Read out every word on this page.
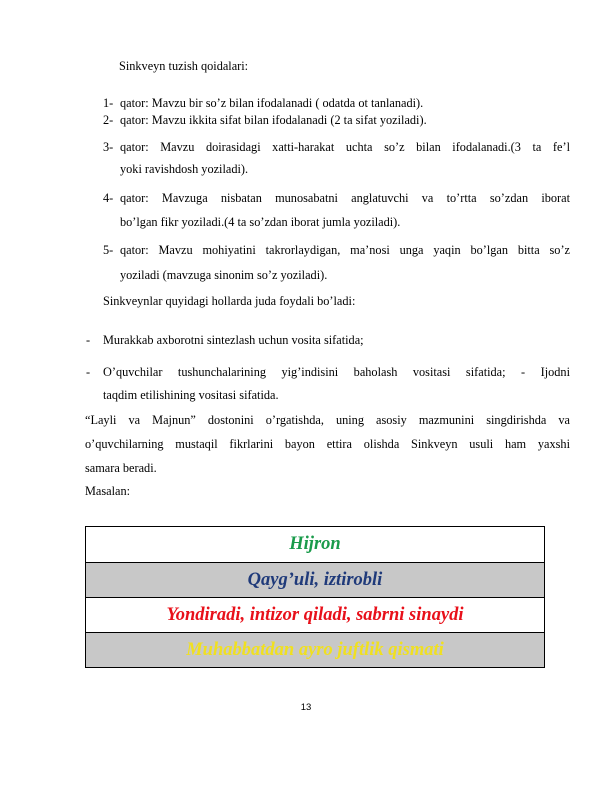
Sinkveyn tuzish qoidalari:
1- qator: Mavzu bir so’z bilan ifodalanadi ( odatda ot tanlanadi).
2- qator: Mavzu ikkita sifat bilan ifodalanadi (2 ta sifat yoziladi).
3- qator: Mavzu doirasidagi xatti-harakat uchta so’z bilan ifodalanadi.(3 ta fe’l
yoki ravishdosh yoziladi).
4- qator: Mavzuga nisbatan munosabatni anglatuvchi va to’rtta so’zdan iborat
bo’lgan fikr yoziladi.(4 ta so’zdan iborat jumla yoziladi).
5- qator: Mavzu mohiyatini takrorlaydigan, ma’nosi unga yaqin bo’lgan bitta so’z
yoziladi (mavzuga sinonim so’z yoziladi).
Sinkveynlar quyidagi hollarda juda foydali bo’ladi:
- Murakkab axborotni sintezlash uchun vosita sifatida;
- O’quvchilar tushunchalarining yig’indisini baholash vositasi sifatida; - Ijodni
taqdim etilishining vositasi sifatida.
“Layli va Majnun” dostonini o’rgatishda, uning asosiy mazmunini singdirishda va
o’quvchilarning mustaqil fikrlarini bayon ettira olishda Sinkveyn usuli ham yaxshi
samara beradi.
Masalan:
Hijron
Qayg’uli, iztirobli
Yondiradi, intizor qiladi, sabrni sinaydi
Muhabbatdan ayro juftlik qismati
13
